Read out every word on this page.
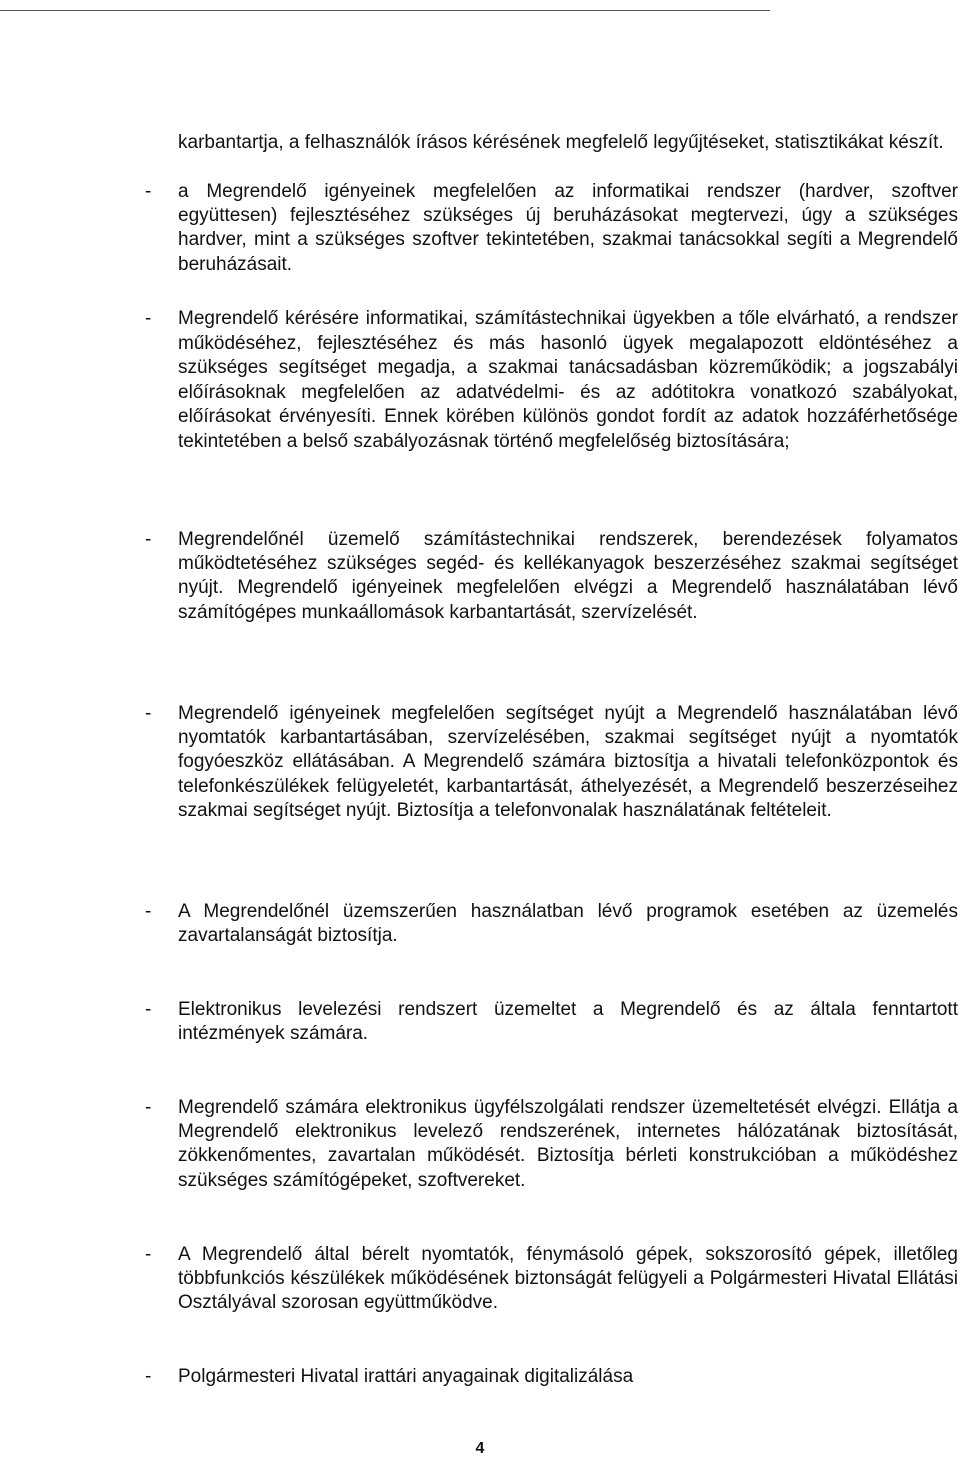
karbantartja, a felhasználók írásos kérésének megfelelő legyűjtéseket, statisztikákat készít.

- a Megrendelő igényeinek megfelelően az informatikai rendszer (hardver, szoftver együttesen) fejlesztéséhez szükséges új beruházásokat megtervezi, úgy a szükséges hardver, mint a szükséges szoftver tekintetében, szakmai tanácsokkal segíti a Megrendelő beruházásait.

- Megrendelő kérésére informatikai, számítástechnikai ügyekben a tőle elvárható, a rendszer működéséhez, fejlesztéséhez és más hasonló ügyek megalapozott eldöntéséhez a szükséges segítséget megadja, a szakmai tanácsadásban közreműködik; a jogszabályi előírásoknak megfelelően az adatvédelmi- és az adótitokra vonatkozó szabályokat, előírásokat érvényesíti. Ennek körében különös gondot fordít az adatok hozzáférhetősége tekintetében a belső szabályozásnak történő megfelelőség biztosítására;

- Megrendelőnél üzemelő számítástechnikai rendszerek, berendezések folyamatos működtetéséhez szükséges segéd- és kellékanyagok beszerzéséhez szakmai segítséget nyújt. Megrendelő igényeinek megfelelően elvégzi a Megrendelő használatában lévő számítógépes munkaállomások karbantartását, szervízelését.

- Megrendelő igényeinek megfelelően segítséget nyújt a Megrendelő használatában lévő nyomtatók karbantartásában, szervízelésében, szakmai segítséget nyújt a nyomtatók fogyóeszköz ellátásában. A Megrendelő számára biztosítja a hivatali telefonközpontok és telefonkészülékek felügyeletét, karbantartását, áthelyezését, a Megrendelő beszerzéseihez szakmai segítséget nyújt. Biztosítja a telefonvonalak használatának feltételeit.

- A Megrendelőnél üzemszerűen használatban lévő programok esetében az üzemelés zavartalanságát biztosítja.

- Elektronikus levelezési rendszert üzemeltet a Megrendelő és az általa fenntartott intézmények számára.

- Megrendelő számára elektronikus ügyfélszolgálati rendszer üzemeltetését elvégzi. Ellátja a Megrendelő elektronikus levelező rendszerének, internetes hálózatának biztosítását, zökkenőmentes, zavartalan működését. Biztosítja bérleti konstrukcióban a működéshez szükséges számítógépeket, szoftvereket.

- A Megrendelő által bérelt nyomtatók, fénymásoló gépek, sokszorosító gépek, illetőleg többfunkciós készülékek működésének biztonságát felügyeli a Polgármesteri Hivatal Ellátási Osztályával szorosan együttműködve.

- Polgármesteri Hivatal irattári anyagainak digitalizálása

4
